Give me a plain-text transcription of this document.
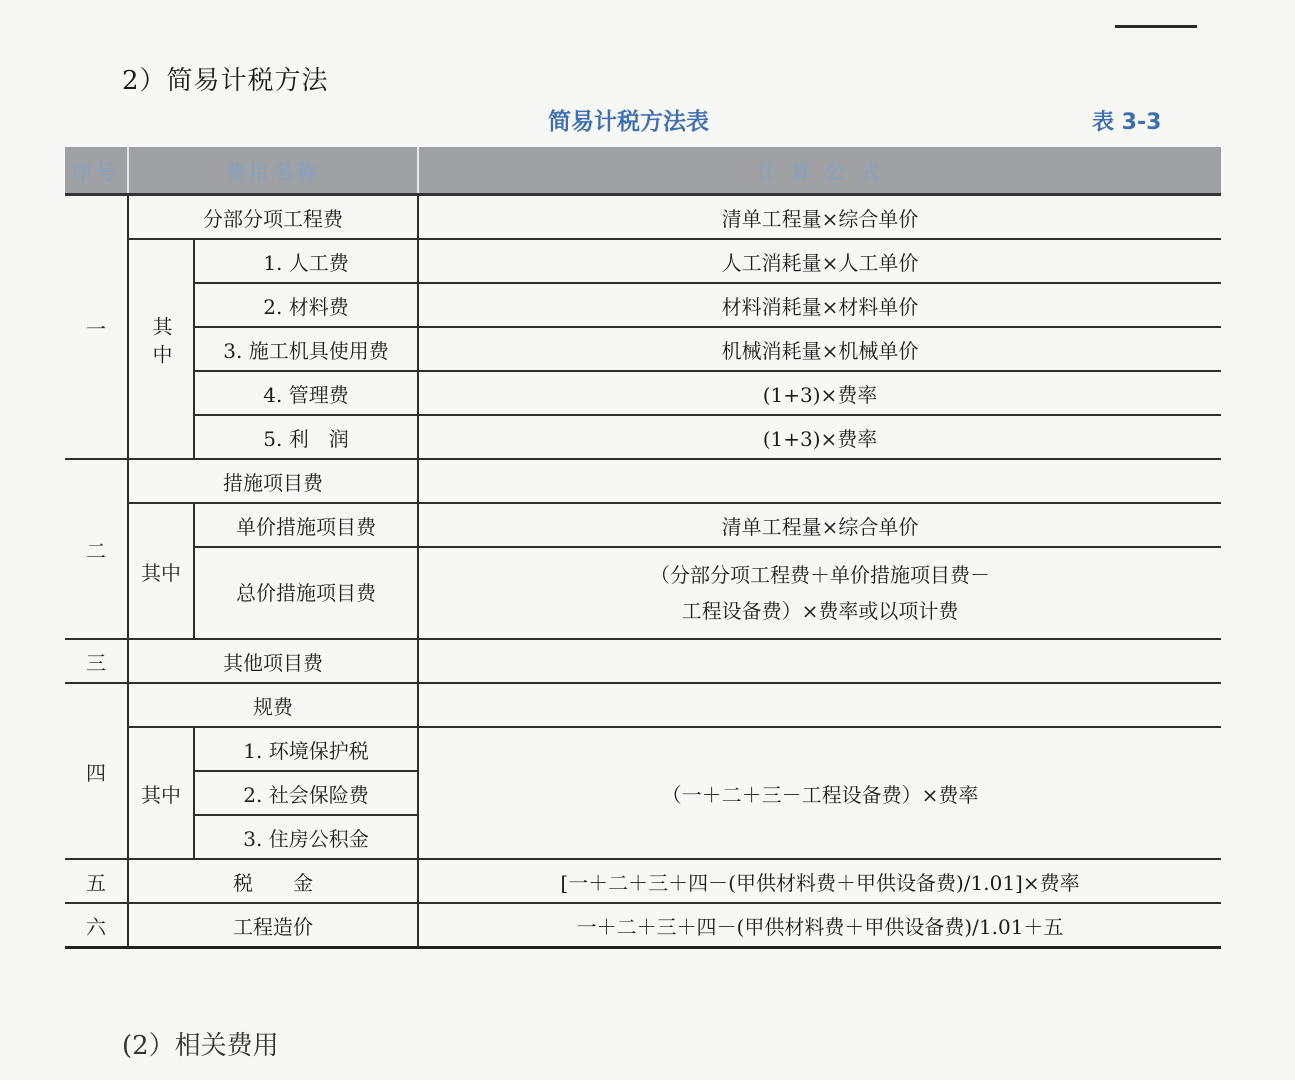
2）简易计税方法
简易计税方法表	表 3-3
序号	费用名称		计 算 公 式
一	分部分项工程费		清单工程量×综合单价
	其中	1. 人工费	人工消耗量×人工单价
		2. 材料费	材料消耗量×材料单价
		3. 施工机具使用费	机械消耗量×机械单价
		4. 管理费	(1+3)×费率
		5. 利　润	(1+3)×费率
二	措施项目费		
	其中	单价措施项目费	清单工程量×综合单价
		总价措施项目费	（分部分项工程费＋单价措施项目费－
工程设备费）×费率或以项计费

三	其他项目费		
四	规费		
	其中	1. 环境保护税	（一＋二＋三－工程设备费）×费率
		2. 社会保险费	
		3. 住房公积金	
五	税　　金		[一＋二＋三＋四－(甲供材料费＋甲供设备费)/1.01]×费率
六	工程造价		一＋二＋三＋四－(甲供材料费＋甲供设备费)/1.01＋五
(2）相关费用
